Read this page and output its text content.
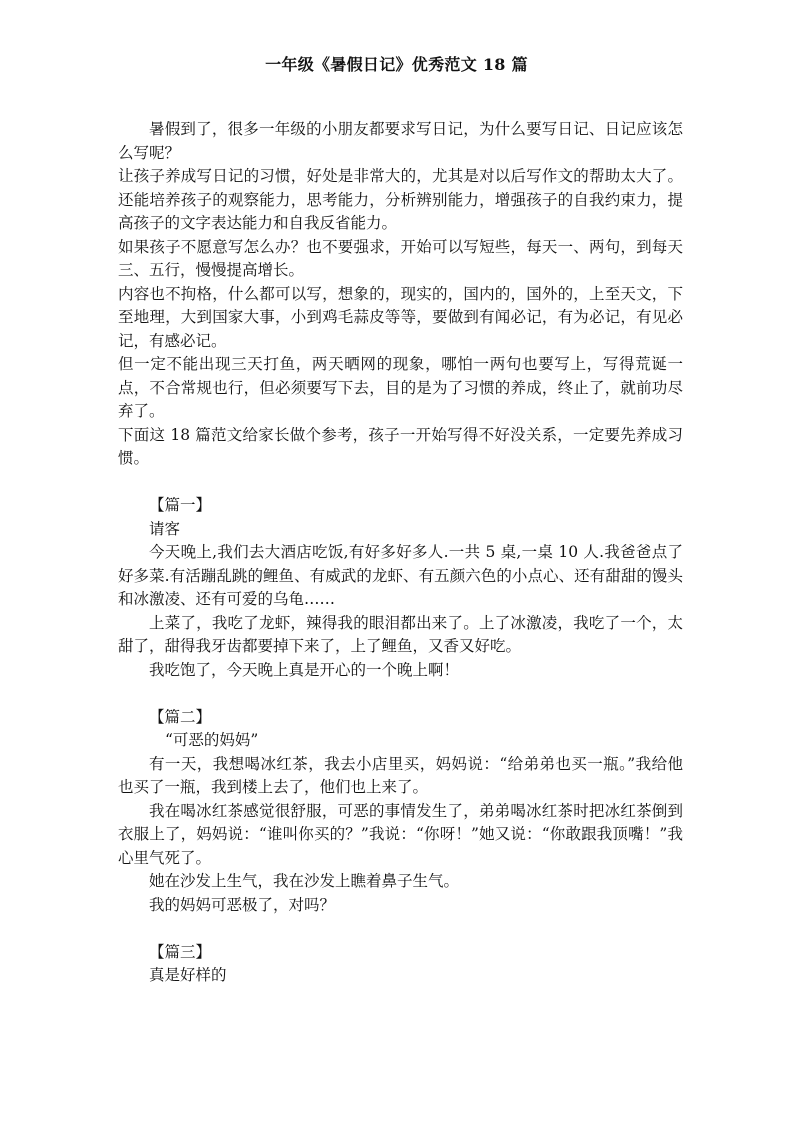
一年级《暑假日记》优秀范文 18 篇

暑假到了，很多一年级的小朋友都要求写日记，为什么要写日记、日记应该怎么写呢？

让孩子养成写日记的习惯，好处是非常大的，尤其是对以后写作文的帮助太大了。还能培养孩子的观察能力，思考能力，分析辨别能力，增强孩子的自我约束力，提高孩子的文字表达能力和自我反省能力。

如果孩子不愿意写怎么办？也不要强求，开始可以写短些，每天一、两句，到每天三、五行，慢慢提高增长。

内容也不拘格，什么都可以写，想象的，现实的，国内的，国外的，上至天文，下至地理，大到国家大事，小到鸡毛蒜皮等等，要做到有闻必记，有为必记，有见必记，有感必记。

但一定不能出现三天打鱼，两天晒网的现象，哪怕一两句也要写上，写得荒诞一点，不合常规也行，但必须要写下去，目的是为了习惯的养成，终止了，就前功尽弃了。

下面这 18 篇范文给家长做个参考，孩子一开始写得不好没关系，一定要先养成习惯。

【篇一】

请客

今天晚上,我们去大酒店吃饭,有好多好多人.一共 5 桌,一桌 10 人.我爸爸点了好多菜.有活蹦乱跳的鲤鱼、有威武的龙虾、有五颜六色的小点心、还有甜甜的馒头和冰激凌、还有可爱的乌龟……

上菜了，我吃了龙虾，辣得我的眼泪都出来了。上了冰激凌，我吃了一个，太甜了，甜得我牙齿都要掉下来了，上了鲤鱼，又香又好吃。

我吃饱了，今天晚上真是开心的一个晚上啊！

【篇二】

“可恶的妈妈”

有一天，我想喝冰红茶，我去小店里买，妈妈说：“给弟弟也买一瓶。”我给他也买了一瓶，我到楼上去了，他们也上来了。

我在喝冰红茶感觉很舒服，可恶的事情发生了，弟弟喝冰红茶时把冰红茶倒到衣服上了，妈妈说：“谁叫你买的？”我说：“你呀！”她又说：“你敢跟我顶嘴！”我心里气死了。

她在沙发上生气，我在沙发上瞧着鼻子生气。

我的妈妈可恶极了，对吗？

【篇三】

真是好样的
